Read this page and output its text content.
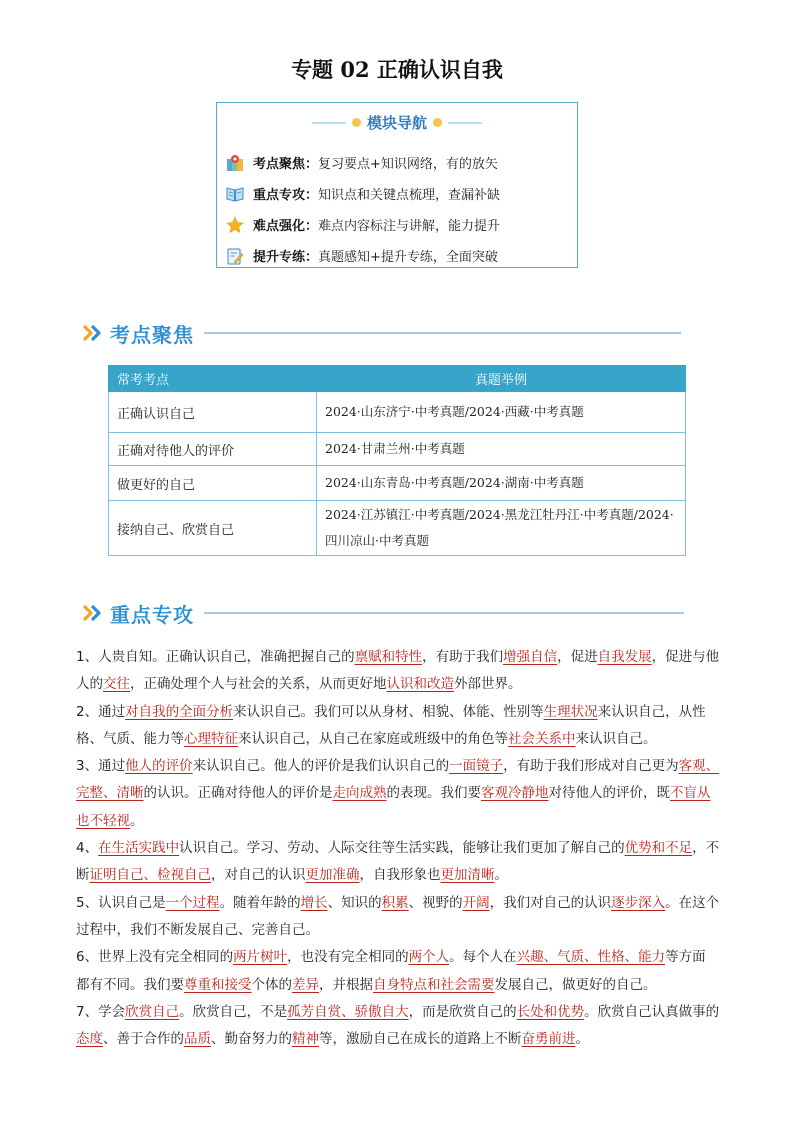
专题 02 正确认识自我
模块导航
考点聚焦： 复习要点+知识网络，有的放矢
重点专攻： 知识点和关键点梳理，查漏补缺
难点强化： 难点内容标注与讲解，能力提升
提升专练： 真题感知+提升专练，全面突破
考点聚焦
常考考点	真题举例
正确认识自己	2024·山东济宁·中考真题/2024·西藏·中考真题
正确对待他人的评价	2024·甘肃兰州·中考真题
做更好的自己	2024·山东青岛·中考真题/2024·湖南·中考真题
接纳自己、欣赏自己	2024·江苏镇江·中考真题/2024·黑龙江牡丹江·中考真题/2024·四川凉山·中考真题
重点专攻

1、人贵自知。正确认识自己，准确把握自己的禀赋和特性，有助于我们增强自信，促进自我发展，促进与他人的交往，正确处理个人与社会的关系，从而更好地认识和改造外部世界。

2、通过对自我的全面分析来认识自己。我们可以从身材、相貌、体能、性别等生理状况来认识自己，从性格、气质、能力等心理特征来认识自己，从自己在家庭或班级中的角色等社会关系中来认识自己。

3、通过他人的评价来认识自己。他人的评价是我们认识自己的一面镜子，有助于我们形成对自己更为客观、完整、清晰的认识。正确对待他人的评价是走向成熟的表现。我们要客观冷静地对待他人的评价，既不盲从也不轻视。

4、在生活实践中认识自己。学习、劳动、人际交往等生活实践，能够让我们更加了解自己的优势和不足，不断证明自己、检视自己，对自己的认识更加准确，自我形象也更加清晰。

5、认识自己是一个过程。随着年龄的增长、知识的积累、视野的开阔，我们对自己的认识逐步深入。在这个过程中，我们不断发展自己、完善自己。

6、世界上没有完全相同的两片树叶，也没有完全相同的两个人。每个人在兴趣、气质、性格、能力等方面

都有不同。我们要尊重和接受个体的差异，并根据自身特点和社会需要发展自己，做更好的自己。

7、学会欣赏自己。欣赏自己，不是孤芳自赏、骄傲自大，而是欣赏自己的长处和优势。欣赏自己认真做事的态度、善于合作的品质、勤奋努力的精神等，激励自己在成长的道路上不断奋勇前进。
